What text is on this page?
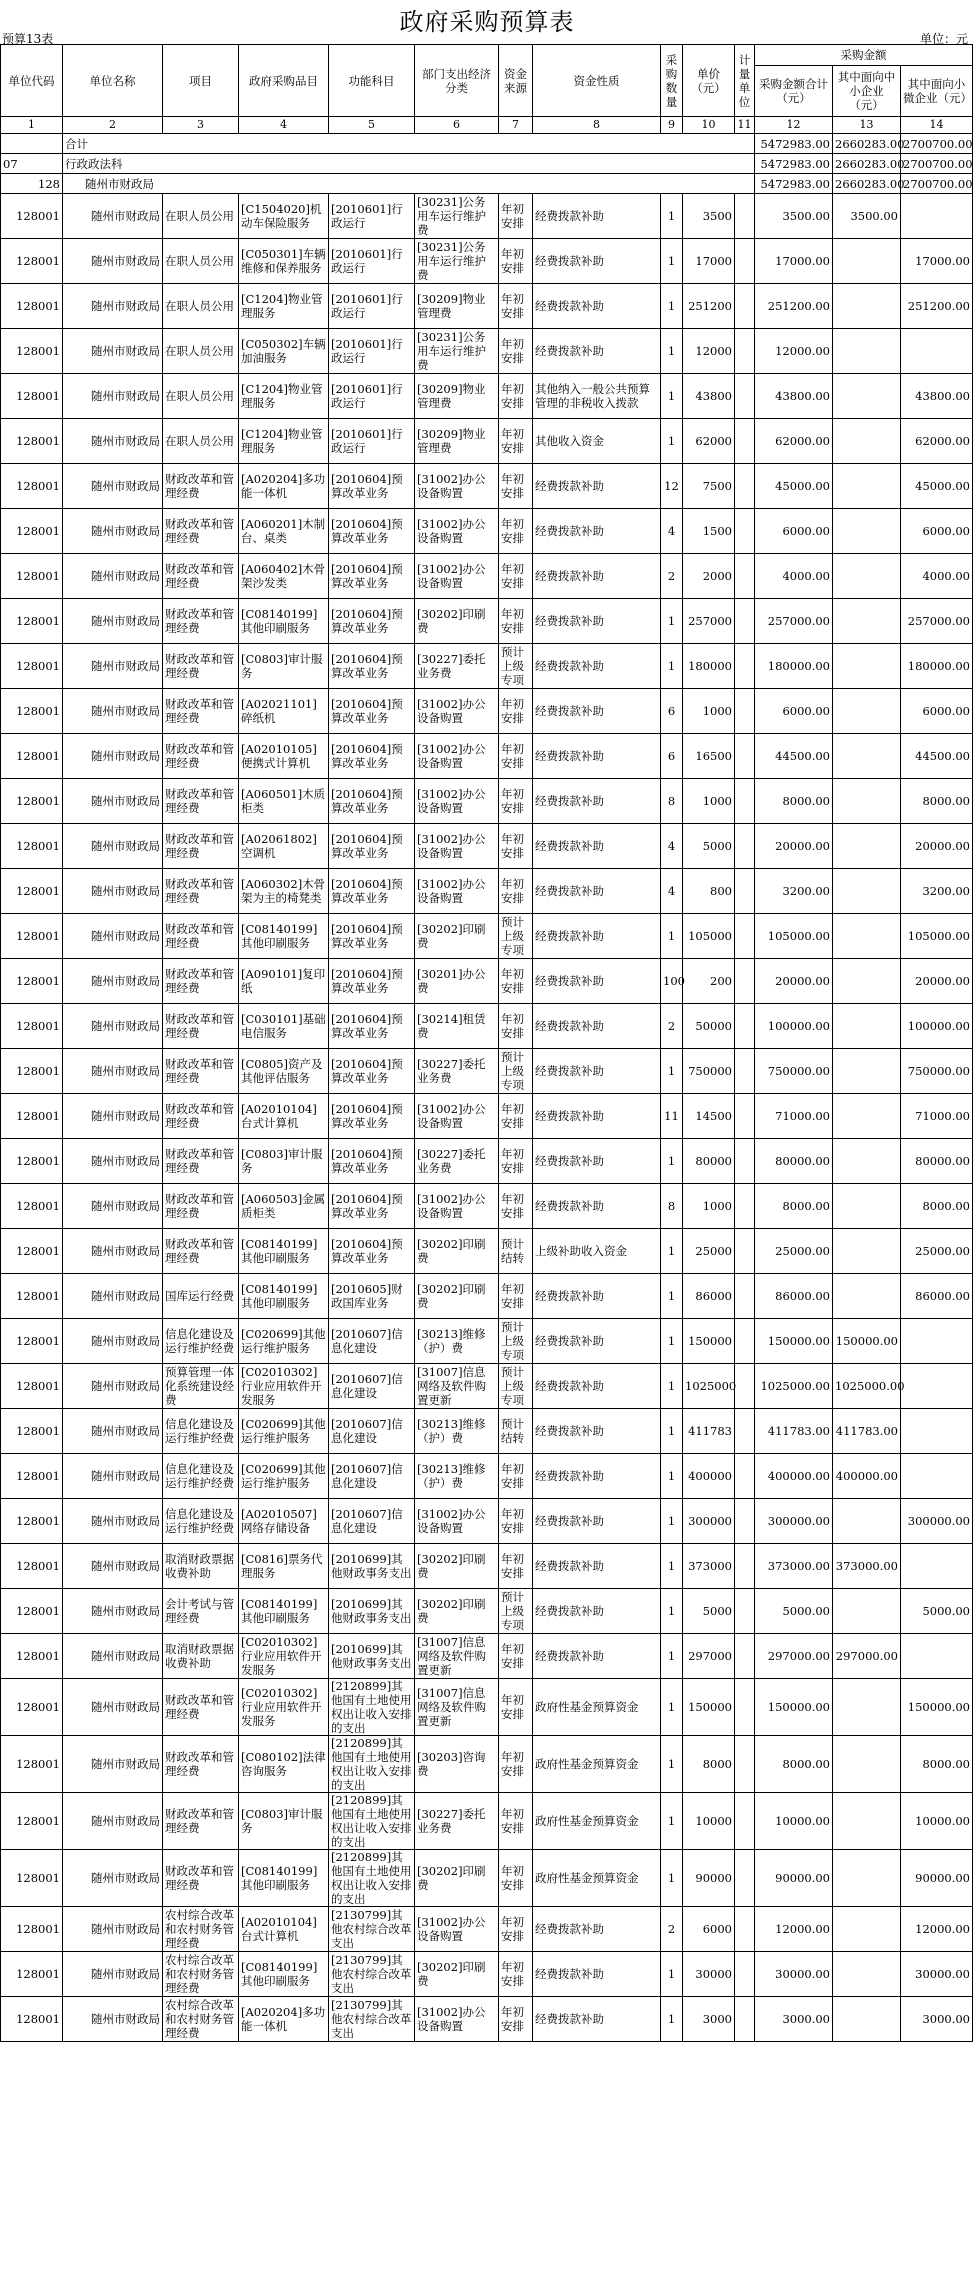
政府采购预算表
预算13表	单位：元
单位代码	单位名称	项目	政府采购品目	功能科目	部门支出经济分类	资金来源	资金性质	采购数量	单价（元）	计量单位	采购金额		
											采购金额合计（元）	其中面向中小企业（元）	其中面向小微企业（元）
1	2	3	4	5	6	7	8	9	10	11	12	13	14
	合计										5472983.00	2660283.00	2700700.00
07	行政政法科										5472983.00	2660283.00	2700700.00
128	随州市财政局										5472983.00	2660283.00	2700700.00
128001	随州市财政局	在职人员公用	[C1504020]机动车保险服务	[2010601]行政运行	[30231]公务用车运行维护费	年初安排	经费拨款补助	1	3500		3500.00	3500.00	
128001	随州市财政局	在职人员公用	[C050301]车辆维修和保养服务	[2010601]行政运行	[30231]公务用车运行维护费	年初安排	经费拨款补助	1	17000		17000.00		17000.00
128001	随州市财政局	在职人员公用	[C1204]物业管理服务	[2010601]行政运行	[30209]物业管理费	年初安排	经费拨款补助	1	251200		251200.00		251200.00
128001	随州市财政局	在职人员公用	[C050302]车辆加油服务	[2010601]行政运行	[30231]公务用车运行维护费	年初安排	经费拨款补助	1	12000		12000.00		
128001	随州市财政局	在职人员公用	[C1204]物业管理服务	[2010601]行政运行	[30209]物业管理费	年初安排	其他纳入一般公共预算管理的非税收入拨款	1	43800		43800.00		43800.00
128001	随州市财政局	在职人员公用	[C1204]物业管理服务	[2010601]行政运行	[30209]物业管理费	年初安排	其他收入资金	1	62000		62000.00		62000.00
128001	随州市财政局	财政改革和管理经费	[A020204]多功能一体机	[2010604]预算改革业务	[31002]办公设备购置	年初安排	经费拨款补助	12	7500		45000.00		45000.00
128001	随州市财政局	财政改革和管理经费	[A060201]木制台、桌类	[2010604]预算改革业务	[31002]办公设备购置	年初安排	经费拨款补助	4	1500		6000.00		6000.00
128001	随州市财政局	财政改革和管理经费	[A060402]木骨架沙发类	[2010604]预算改革业务	[31002]办公设备购置	年初安排	经费拨款补助	2	2000		4000.00		4000.00
128001	随州市财政局	财政改革和管理经费	[C08140199]其他印刷服务	[2010604]预算改革业务	[30202]印刷费	年初安排	经费拨款补助	1	257000		257000.00		257000.00
128001	随州市财政局	财政改革和管理经费	[C0803]审计服务	[2010604]预算改革业务	[30227]委托业务费	预计上级专项	经费拨款补助	1	180000		180000.00		180000.00
128001	随州市财政局	财政改革和管理经费	[A02021101]碎纸机	[2010604]预算改革业务	[31002]办公设备购置	年初安排	经费拨款补助	6	1000		6000.00		6000.00
128001	随州市财政局	财政改革和管理经费	[A02010105]便携式计算机	[2010604]预算改革业务	[31002]办公设备购置	年初安排	经费拨款补助	6	16500		44500.00		44500.00
128001	随州市财政局	财政改革和管理经费	[A060501]木质柜类	[2010604]预算改革业务	[31002]办公设备购置	年初安排	经费拨款补助	8	1000		8000.00		8000.00
128001	随州市财政局	财政改革和管理经费	[A02061802]空调机	[2010604]预算改革业务	[31002]办公设备购置	年初安排	经费拨款补助	4	5000		20000.00		20000.00
128001	随州市财政局	财政改革和管理经费	[A060302]木骨架为主的椅凳类	[2010604]预算改革业务	[31002]办公设备购置	年初安排	经费拨款补助	4	800		3200.00		3200.00
128001	随州市财政局	财政改革和管理经费	[C08140199]其他印刷服务	[2010604]预算改革业务	[30202]印刷费	预计上级专项	经费拨款补助	1	105000		105000.00		105000.00
128001	随州市财政局	财政改革和管理经费	[A090101]复印纸	[2010604]预算改革业务	[30201]办公费	年初安排	经费拨款补助	100	200		20000.00		20000.00
128001	随州市财政局	财政改革和管理经费	[C030101]基础电信服务	[2010604]预算改革业务	[30214]租赁费	年初安排	经费拨款补助	2	50000		100000.00		100000.00
128001	随州市财政局	财政改革和管理经费	[C0805]资产及其他评估服务	[2010604]预算改革业务	[30227]委托业务费	预计上级专项	经费拨款补助	1	750000		750000.00		750000.00
128001	随州市财政局	财政改革和管理经费	[A02010104]台式计算机	[2010604]预算改革业务	[31002]办公设备购置	年初安排	经费拨款补助	11	14500		71000.00		71000.00
128001	随州市财政局	财政改革和管理经费	[C0803]审计服务	[2010604]预算改革业务	[30227]委托业务费	年初安排	经费拨款补助	1	80000		80000.00		80000.00
128001	随州市财政局	财政改革和管理经费	[A060503]金属质柜类	[2010604]预算改革业务	[31002]办公设备购置	年初安排	经费拨款补助	8	1000		8000.00		8000.00
128001	随州市财政局	财政改革和管理经费	[C08140199]其他印刷服务	[2010604]预算改革业务	[30202]印刷费	预计结转	上级补助收入资金	1	25000		25000.00		25000.00
128001	随州市财政局	国库运行经费	[C08140199]其他印刷服务	[2010605]财政国库业务	[30202]印刷费	年初安排	经费拨款补助	1	86000		86000.00		86000.00
128001	随州市财政局	信息化建设及运行维护经费	[C020699]其他运行维护服务	[2010607]信息化建设	[30213]维修（护）费	预计上级专项	经费拨款补助	1	150000		150000.00	150000.00	
128001	随州市财政局	预算管理一体化系统建设经费	[C02010302]行业应用软件开发服务	[2010607]信息化建设	[31007]信息网络及软件购置更新	预计上级专项	经费拨款补助	1	1025000		1025000.00	1025000.00	
128001	随州市财政局	信息化建设及运行维护经费	[C020699]其他运行维护服务	[2010607]信息化建设	[30213]维修（护）费	预计结转	经费拨款补助	1	411783		411783.00	411783.00	
128001	随州市财政局	信息化建设及运行维护经费	[C020699]其他运行维护服务	[2010607]信息化建设	[30213]维修（护）费	年初安排	经费拨款补助	1	400000		400000.00	400000.00	
128001	随州市财政局	信息化建设及运行维护经费	[A02010507]网络存储设备	[2010607]信息化建设	[31002]办公设备购置	年初安排	经费拨款补助	1	300000		300000.00		300000.00
128001	随州市财政局	取消财政票据收费补助	[C0816]票务代理服务	[2010699]其他财政事务支出	[30202]印刷费	年初安排	经费拨款补助	1	373000		373000.00	373000.00	
128001	随州市财政局	会计考试与管理经费	[C08140199]其他印刷服务	[2010699]其他财政事务支出	[30202]印刷费	预计上级专项	经费拨款补助	1	5000		5000.00		5000.00
128001	随州市财政局	取消财政票据收费补助	[C02010302]行业应用软件开发服务	[2010699]其他财政事务支出	[31007]信息网络及软件购置更新	年初安排	经费拨款补助	1	297000		297000.00	297000.00	
128001	随州市财政局	财政改革和管理经费	[C02010302]行业应用软件开发服务	[2120899]其他国有土地使用权出让收入安排的支出	[31007]信息网络及软件购置更新	年初安排	政府性基金预算资金	1	150000		150000.00		150000.00
128001	随州市财政局	财政改革和管理经费	[C080102]法律咨询服务	[2120899]其他国有土地使用权出让收入安排的支出	[30203]咨询费	年初安排	政府性基金预算资金	1	8000		8000.00		8000.00
128001	随州市财政局	财政改革和管理经费	[C0803]审计服务	[2120899]其他国有土地使用权出让收入安排的支出	[30227]委托业务费	年初安排	政府性基金预算资金	1	10000		10000.00		10000.00
128001	随州市财政局	财政改革和管理经费	[C08140199]其他印刷服务	[2120899]其他国有土地使用权出让收入安排的支出	[30202]印刷费	年初安排	政府性基金预算资金	1	90000		90000.00		90000.00
128001	随州市财政局	农村综合改革和农村财务管理经费	[A02010104]台式计算机	[2130799]其他农村综合改革支出	[31002]办公设备购置	年初安排	经费拨款补助	2	6000		12000.00		12000.00
128001	随州市财政局	农村综合改革和农村财务管理经费	[C08140199]其他印刷服务	[2130799]其他农村综合改革支出	[30202]印刷费	年初安排	经费拨款补助	1	30000		30000.00		30000.00
128001	随州市财政局	农村综合改革和农村财务管理经费	[A020204]多功能一体机	[2130799]其他农村综合改革支出	[31002]办公设备购置	年初安排	经费拨款补助	1	3000		3000.00		3000.00
